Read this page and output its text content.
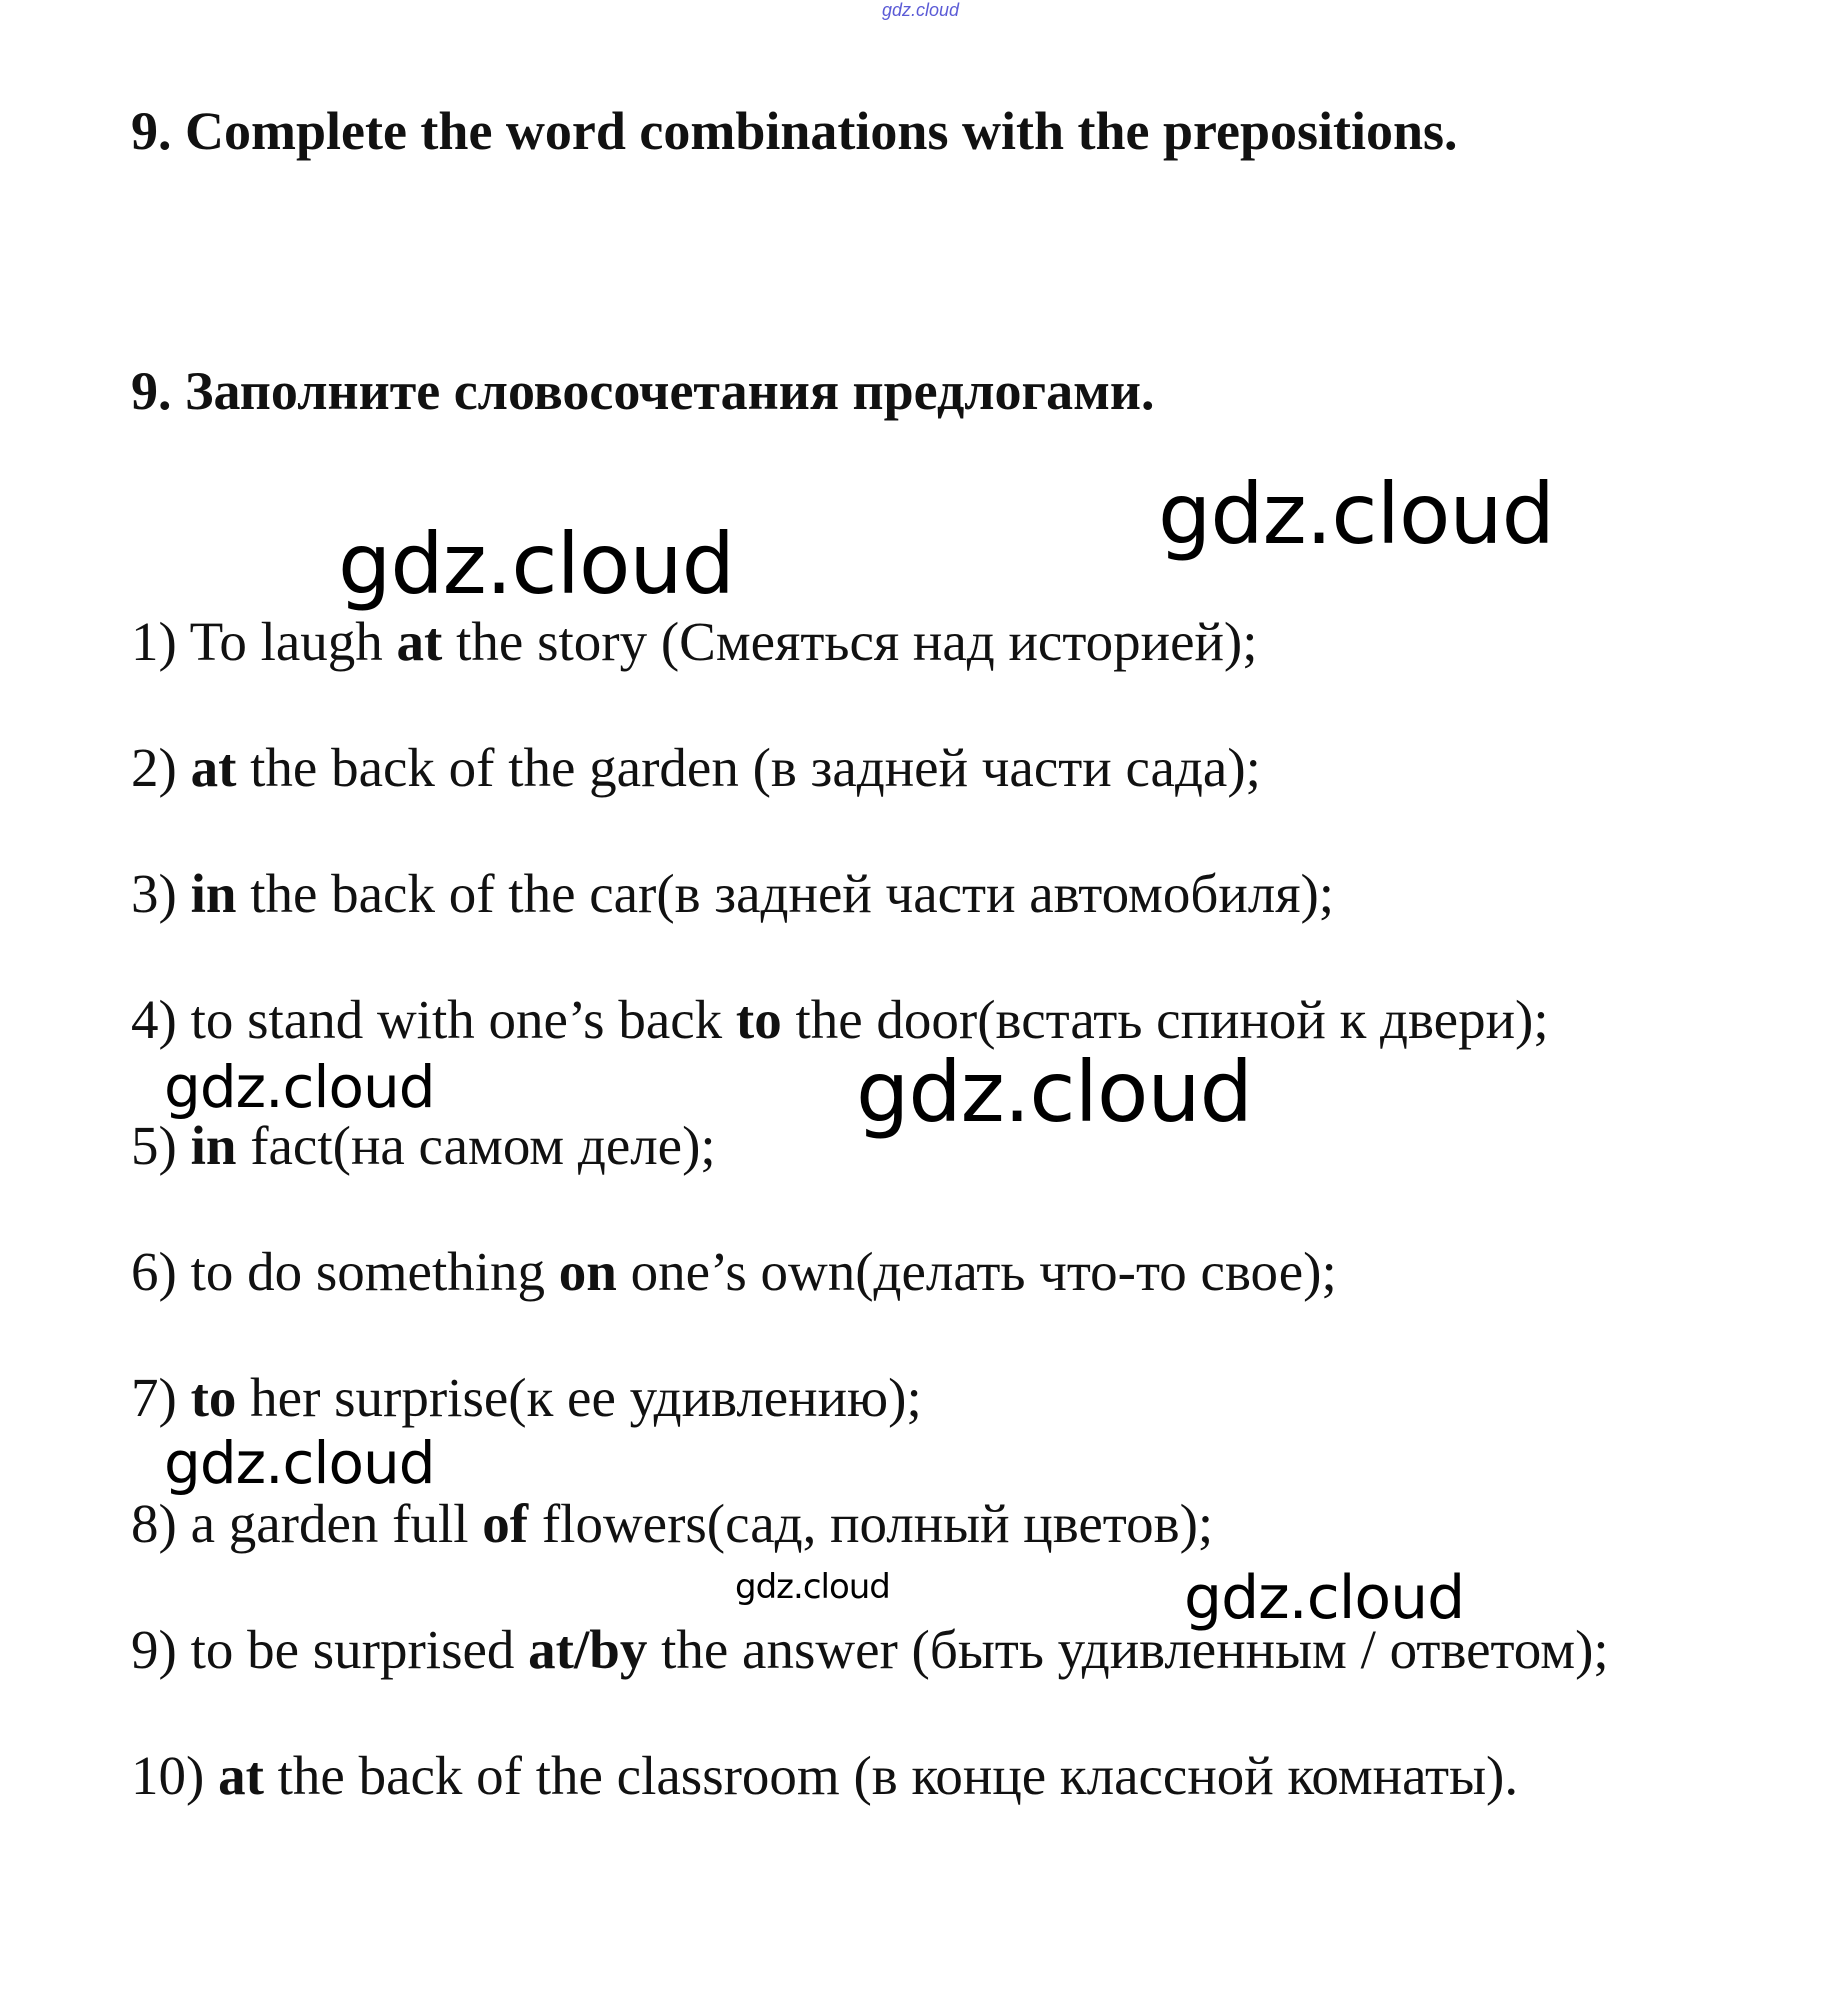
gdz.cloud
9. Complete the word combinations with the prepositions.
9. Заполните словосочетания предлогами.

1) To laugh at the story (Смеяться над историей);

2) at the back of the garden (в задней части сада);

3) in the back of the car(в задней части автомобиля);

4) to stand with one’s back to the door(встать спиной к двери);

5) in fact(на самом деле);

6) to do something on one’s own(делать что-то свое);

7) to her surprise(к ее удивлению);

8) a garden full of flowers(сад, полный цветов);

9) to be surprised at/by the answer (быть удивленным / ответом);

10) at the back of the classroom (в конце классной комнаты).

gdz.cloud
gdz.cloud
gdz.cloud	gdz.cloud
gdz.cloud
gdz.cloud	gdz.cloud
